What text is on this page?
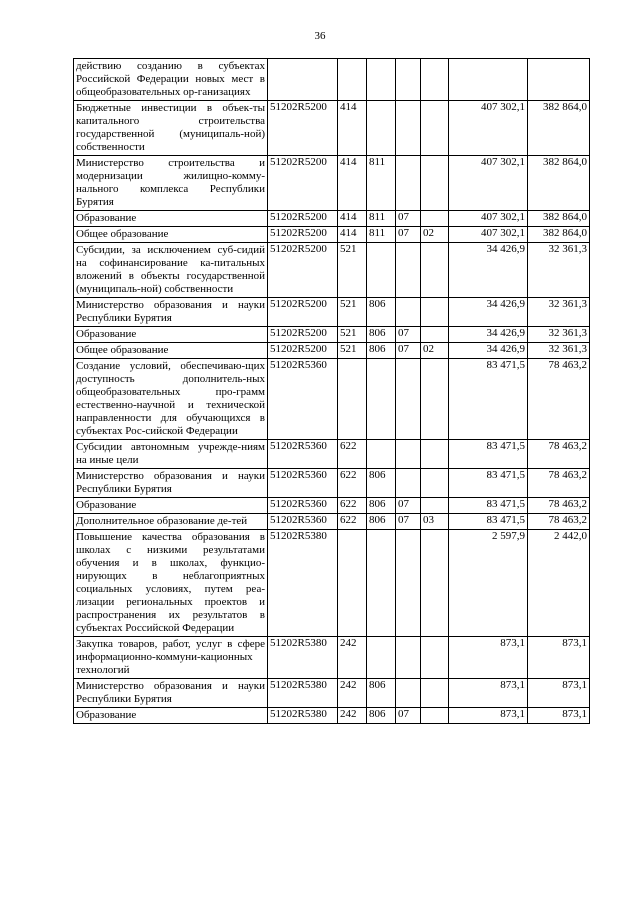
36
действию созданию в субъектах Российской Федерации новых мест в общеобразовательных ор-ганизациях							
Бюджетные инвестиции в объек-ты капитального строительства государственной (муниципаль-ной) собственности	51202R5200	414				407 302,1	382 864,0
Министерство строительства и модернизации жилищно-комму-нального комплекса Республики Бурятия	51202R5200	414	811			407 302,1	382 864,0
Образование	51202R5200	414	811	07		407 302,1	382 864,0
Общее образование	51202R5200	414	811	07	02	407 302,1	382 864,0
Субсидии, за исключением суб-сидий на софинансирование ка-питальных вложений в объекты государственной (муниципаль-ной) собственности	51202R5200	521				34 426,9	32 361,3
Министерство образования и науки Республики Бурятия	51202R5200	521	806			34 426,9	32 361,3
Образование	51202R5200	521	806	07		34 426,9	32 361,3
Общее образование	51202R5200	521	806	07	02	34 426,9	32 361,3
Создание условий, обеспечиваю-щих доступность дополнитель-ных общеобразовательных про-грамм естественно-научной и технической направленности для обучающихся в субъектах Рос-сийской Федерации	51202R5360					83 471,5	78 463,2
Субсидии автономным учрежде-ниям на иные цели	51202R5360	622				83 471,5	78 463,2
Министерство образования и науки Республики Бурятия	51202R5360	622	806			83 471,5	78 463,2
Образование	51202R5360	622	806	07		83 471,5	78 463,2
Дополнительное образование де-тей	51202R5360	622	806	07	03	83 471,5	78 463,2
Повышение качества образования в школах с низкими результатами обучения и в школах, функцио-нирующих в неблагоприятных социальных условиях, путем реа-лизации региональных проектов и распространения их результатов в субъектах Российской Федерации	51202R5380					2 597,9	2 442,0
Закупка товаров, работ, услуг в сфере информационно-коммуни-кационных технологий	51202R5380	242				873,1	873,1
Министерство образования и науки Республики Бурятия	51202R5380	242	806			873,1	873,1
Образование	51202R5380	242	806	07		873,1	873,1
